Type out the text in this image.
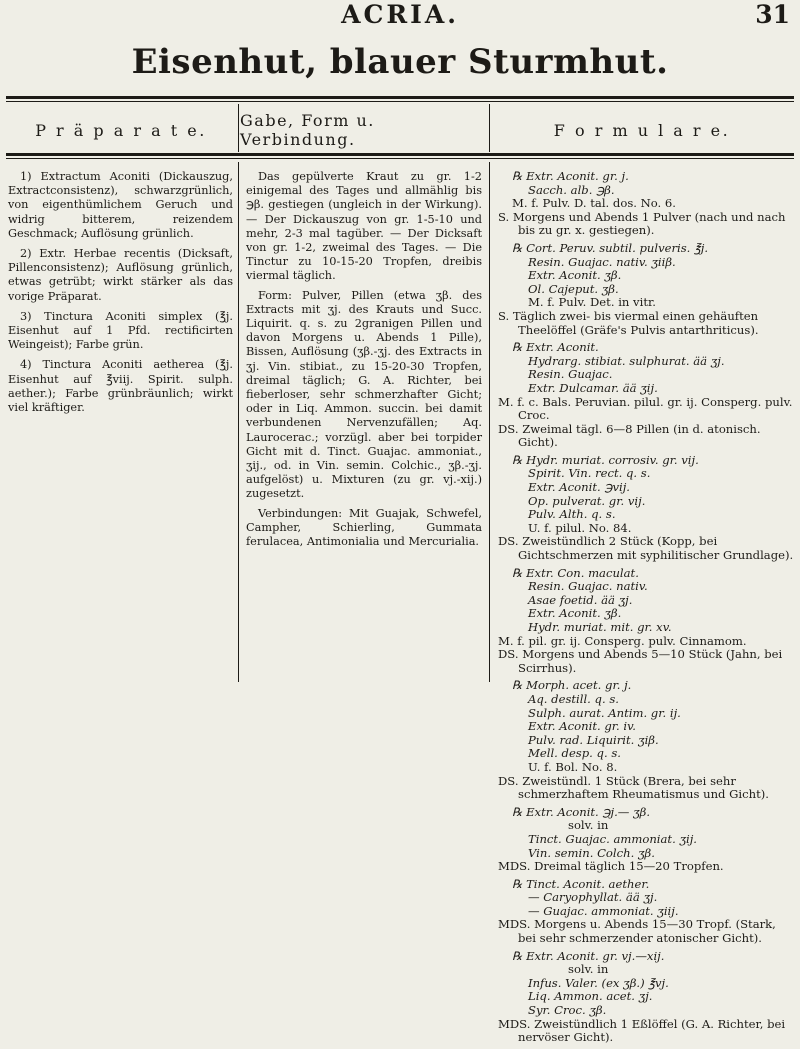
ACRIA.	31
Eisenhut, blauer Sturmhut.
P r ä p a r a t e.	Gabe, Form u. Verbindung.	F o r m u l a r e.

1) Extractum Aconiti (Dickauszug, Extractconsistenz), schwarzgrünlich, von eigenthümlichem Geruch und widrig bitterem, reizendem Geschmack; Auflösung grünlich.

2) Extr. Herbae recentis (Dicksaft, Pillenconsistenz); Auflösung grünlich, etwas getrübt; wirkt stärker als das vorige Präparat.

3) Tinctura Aconiti simplex (℥j. Eisenhut auf 1 Pfd. rectificirten Weingeist); Farbe grün.

4) Tinctura Aconiti aetherea (℥j. Eisenhut auf ℥viij. Spirit. sulph. aether.); Farbe grünbräunlich; wirkt viel kräftiger.

Das gepülverte Kraut zu gr. 1-2 einigemal des Tages und allmählig bis ℈β. gestiegen (ungleich in der Wirkung). — Der Dickauszug von gr. 1-5-10 und mehr, 2-3 mal tagüber. — Der Dicksaft von gr. 1-2, zweimal des Tages. — Die Tinctur zu 10-15-20 Tropfen, dreibis viermal täglich.

Form: Pulver, Pillen (etwa ʒβ. des Extracts mit ʒj. des Krauts und Succ. Liquirit. q. s. zu 2granigen Pillen und davon Morgens u. Abends 1 Pille), Bissen, Auflösung (ʒβ.-ʒj. des Extracts in ʒj. Vin. stibiat., zu 15-20-30 Tropfen, dreimal täglich; G. A. Richter, bei fieberloser, sehr schmerzhafter Gicht; oder in Liq. Ammon. succin. bei damit verbundenen Nervenzufällen; Aq. Laurocerас.; vorzügl. aber bei torpider Gicht mit d. Tinct. Guajac. ammoniat., ʒij., od. in Vin. semin. Colchic., ʒβ.-ʒj. aufgelöst) u. Mixturen (zu gr. vj.-xij.) zugesetzt.

Verbindungen: Mit Guajak, Schwefel, Campher, Schierling, Gummata ferulacea, Antimonialia und Mercurialia.

℞ Extr. Aconit. gr. j.
Sacch. alb. ℈β.
M. f. Pulv. D. tal. dos. No. 6.
S. Morgens und Abends 1 Pulver (nach und nach bis zu gr. x. gestiegen).
℞ Cort. Peruv. subtil. pulveris. ℥j.
Resin. Guajac. nativ. ʒiiβ.
Extr. Aconit. ʒβ.
Ol. Cajeput. ʒβ.
M. f. Pulv. Det. in vitr.
S. Täglich zwei- bis viermal einen gehäuften Theelöffel (Gräfe's Pulvis antarthriticus).
℞ Extr. Aconit.
Hydrarg. stibiat. sulphurat. ää ʒj.
Resin. Guajac.
Extr. Dulcamar. ää ʒij.
M. f. c. Bals. Peruvian. pilul. gr. ij. Consperg. pulv. Croc.
DS. Zweimal tägl. 6—8 Pillen (in d. atonisch. Gicht).
℞ Hydr. muriat. corrosiv. gr. vij.
Spirit. Vin. rect. q. s.
Extr. Aconit. ℈vij.
Op. pulverat. gr. vij.
Pulv. Alth. q. s.
U. f. pilul. No. 84.
DS. Zweistündlich 2 Stück (Kopp, bei Gichtschmerzen mit syphilitischer Grundlage).
℞ Extr. Con. maculat.
Resin. Guajac. nativ.
Asae foetid. ää ʒj.
Extr. Aconit. ʒβ.
Hydr. muriat. mit. gr. xv.
M. f. pil. gr. ij. Consperg. pulv. Cinnamom.
DS. Morgens und Abends 5—10 Stück (Jahn, bei Scirrhus).
℞ Morph. acet. gr. j.
Aq. destill. q. s.
Sulph. aurat. Antim. gr. ij.
Extr. Aconit. gr. iv.
Pulv. rad. Liquirit. ʒiβ.
Mell. desp. q. s.
U. f. Bol. No. 8.
DS. Zweistündl. 1 Stück (Brera, bei sehr schmerzhaftem Rheumatismus und Gicht).
℞ Extr. Aconit. ℈j.— ʒβ.
solv. in
Tinct. Guajac. ammoniat. ʒij.
Vin. semin. Colch. ʒβ.
MDS. Dreimal täglich 15—20 Tropfen.
℞ Tinct. Aconit. aether.
— Caryophyllat. ää ʒj.
— Guajac. ammoniat. ʒiij.
MDS. Morgens u. Abends 15—30 Tropf. (Stark, bei sehr schmerzender atonischer Gicht).
℞ Extr. Aconit. gr. vj.—xij.
solv. in
Infus. Valer. (ex ʒβ.) ℥vj.
Liq. Ammon. acet. ʒj.
Syr. Croc. ʒβ.
MDS. Zweistündlich 1 Eßlöffel (G. A. Richter, bei nervöser Gicht).
